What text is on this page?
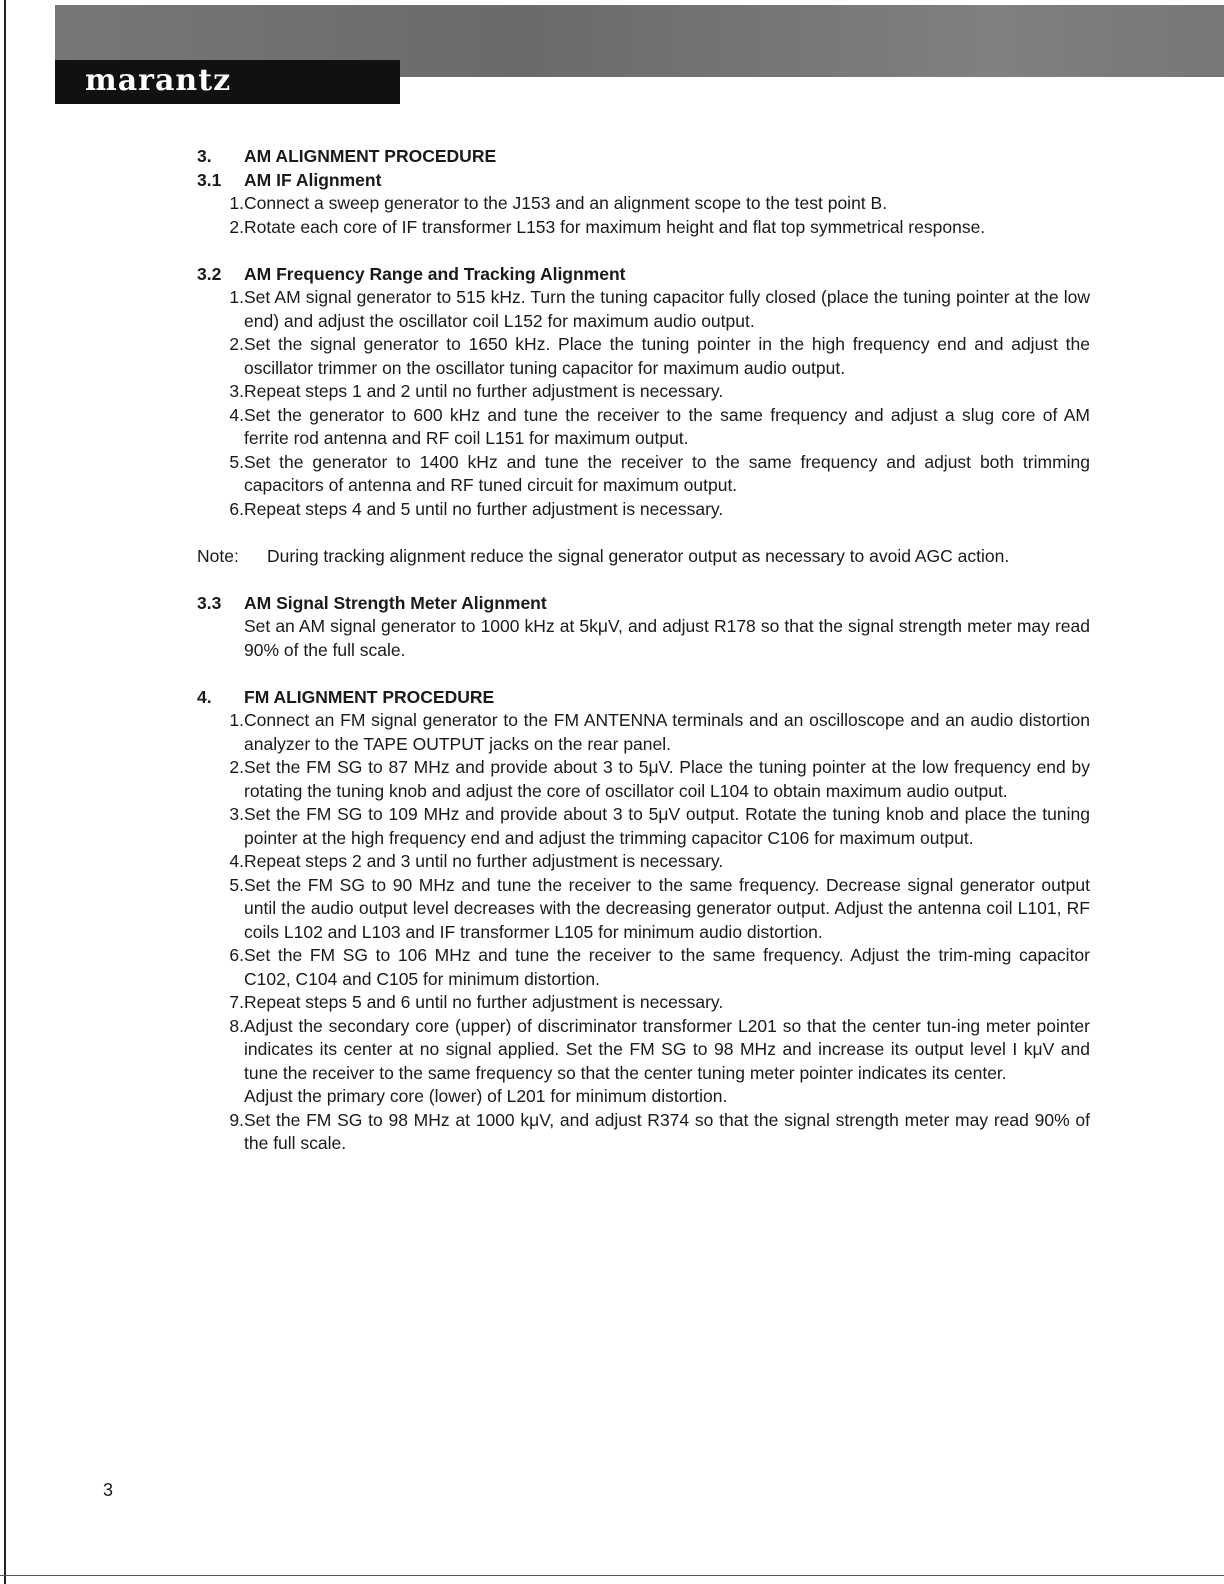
marantz
3.	AM ALIGNMENT PROCEDURE
3.1	AM IF Alignment
1. Connect a sweep generator to the J153 and an alignment scope to the test point B.
2. Rotate each core of IF transformer L153 for maximum height and flat top symmetrical response.
3.2	AM Frequency Range and Tracking Alignment
1. Set AM signal generator to 515 kHz. Turn the tuning capacitor fully closed (place the tuning pointer at the low end) and adjust the oscillator coil L152 for maximum audio output.
2. Set the signal generator to 1650 kHz. Place the tuning pointer in the high frequency end and adjust the oscillator trimmer on the oscillator tuning capacitor for maximum audio output.
3. Repeat steps 1 and 2 until no further adjustment is necessary.
4. Set the generator to 600 kHz and tune the receiver to the same frequency and adjust a slug core of AM ferrite rod antenna and RF coil L151 for maximum output.
5. Set the generator to 1400 kHz and tune the receiver to the same frequency and adjust both trimming capacitors of antenna and RF tuned circuit for maximum output.
6. Repeat steps 4 and 5 until no further adjustment is necessary.
Note:	During tracking alignment reduce the signal generator output as necessary to avoid AGC action.
3.3	AM Signal Strength Meter Alignment
Set an AM signal generator to 1000 kHz at 5kμV, and adjust R178 so that the signal strength meter may read 90% of the full scale.
4.	FM ALIGNMENT PROCEDURE
1. Connect an FM signal generator to the FM ANTENNA terminals and an oscilloscope and an audio distortion analyzer to the TAPE OUTPUT jacks on the rear panel.
2. Set the FM SG to 87 MHz and provide about 3 to 5μV. Place the tuning pointer at the low frequency end by rotating the tuning knob and adjust the core of oscillator coil L104 to obtain maximum audio output.
3. Set the FM SG to 109 MHz and provide about 3 to 5μV output. Rotate the tuning knob and place the tuning pointer at the high frequency end and adjust the trimming capacitor C106 for maximum output.
4. Repeat steps 2 and 3 until no further adjustment is necessary.
5. Set the FM SG to 90 MHz and tune the receiver to the same frequency. Decrease signal generator output until the audio output level decreases with the decreasing generator output. Adjust the antenna coil L101, RF coils L102 and L103 and IF transformer L105 for minimum audio distortion.
6. Set the FM SG to 106 MHz and tune the receiver to the same frequency. Adjust the trim-ming capacitor C102, C104 and C105 for minimum distortion.
7. Repeat steps 5 and 6 until no further adjustment is necessary.
8. Adjust the secondary core (upper) of discriminator transformer L201 so that the center tun-ing meter pointer indicates its center at no signal applied. Set the FM SG to 98 MHz and increase its output level I kμV and tune the receiver to the same frequency so that the center tuning meter pointer indicates its center.
Adjust the primary core (lower) of L201 for minimum distortion.
9. Set the FM SG to 98 MHz at 1000 kμV, and adjust R374 so that the signal strength meter may read 90% of the full scale.
3
